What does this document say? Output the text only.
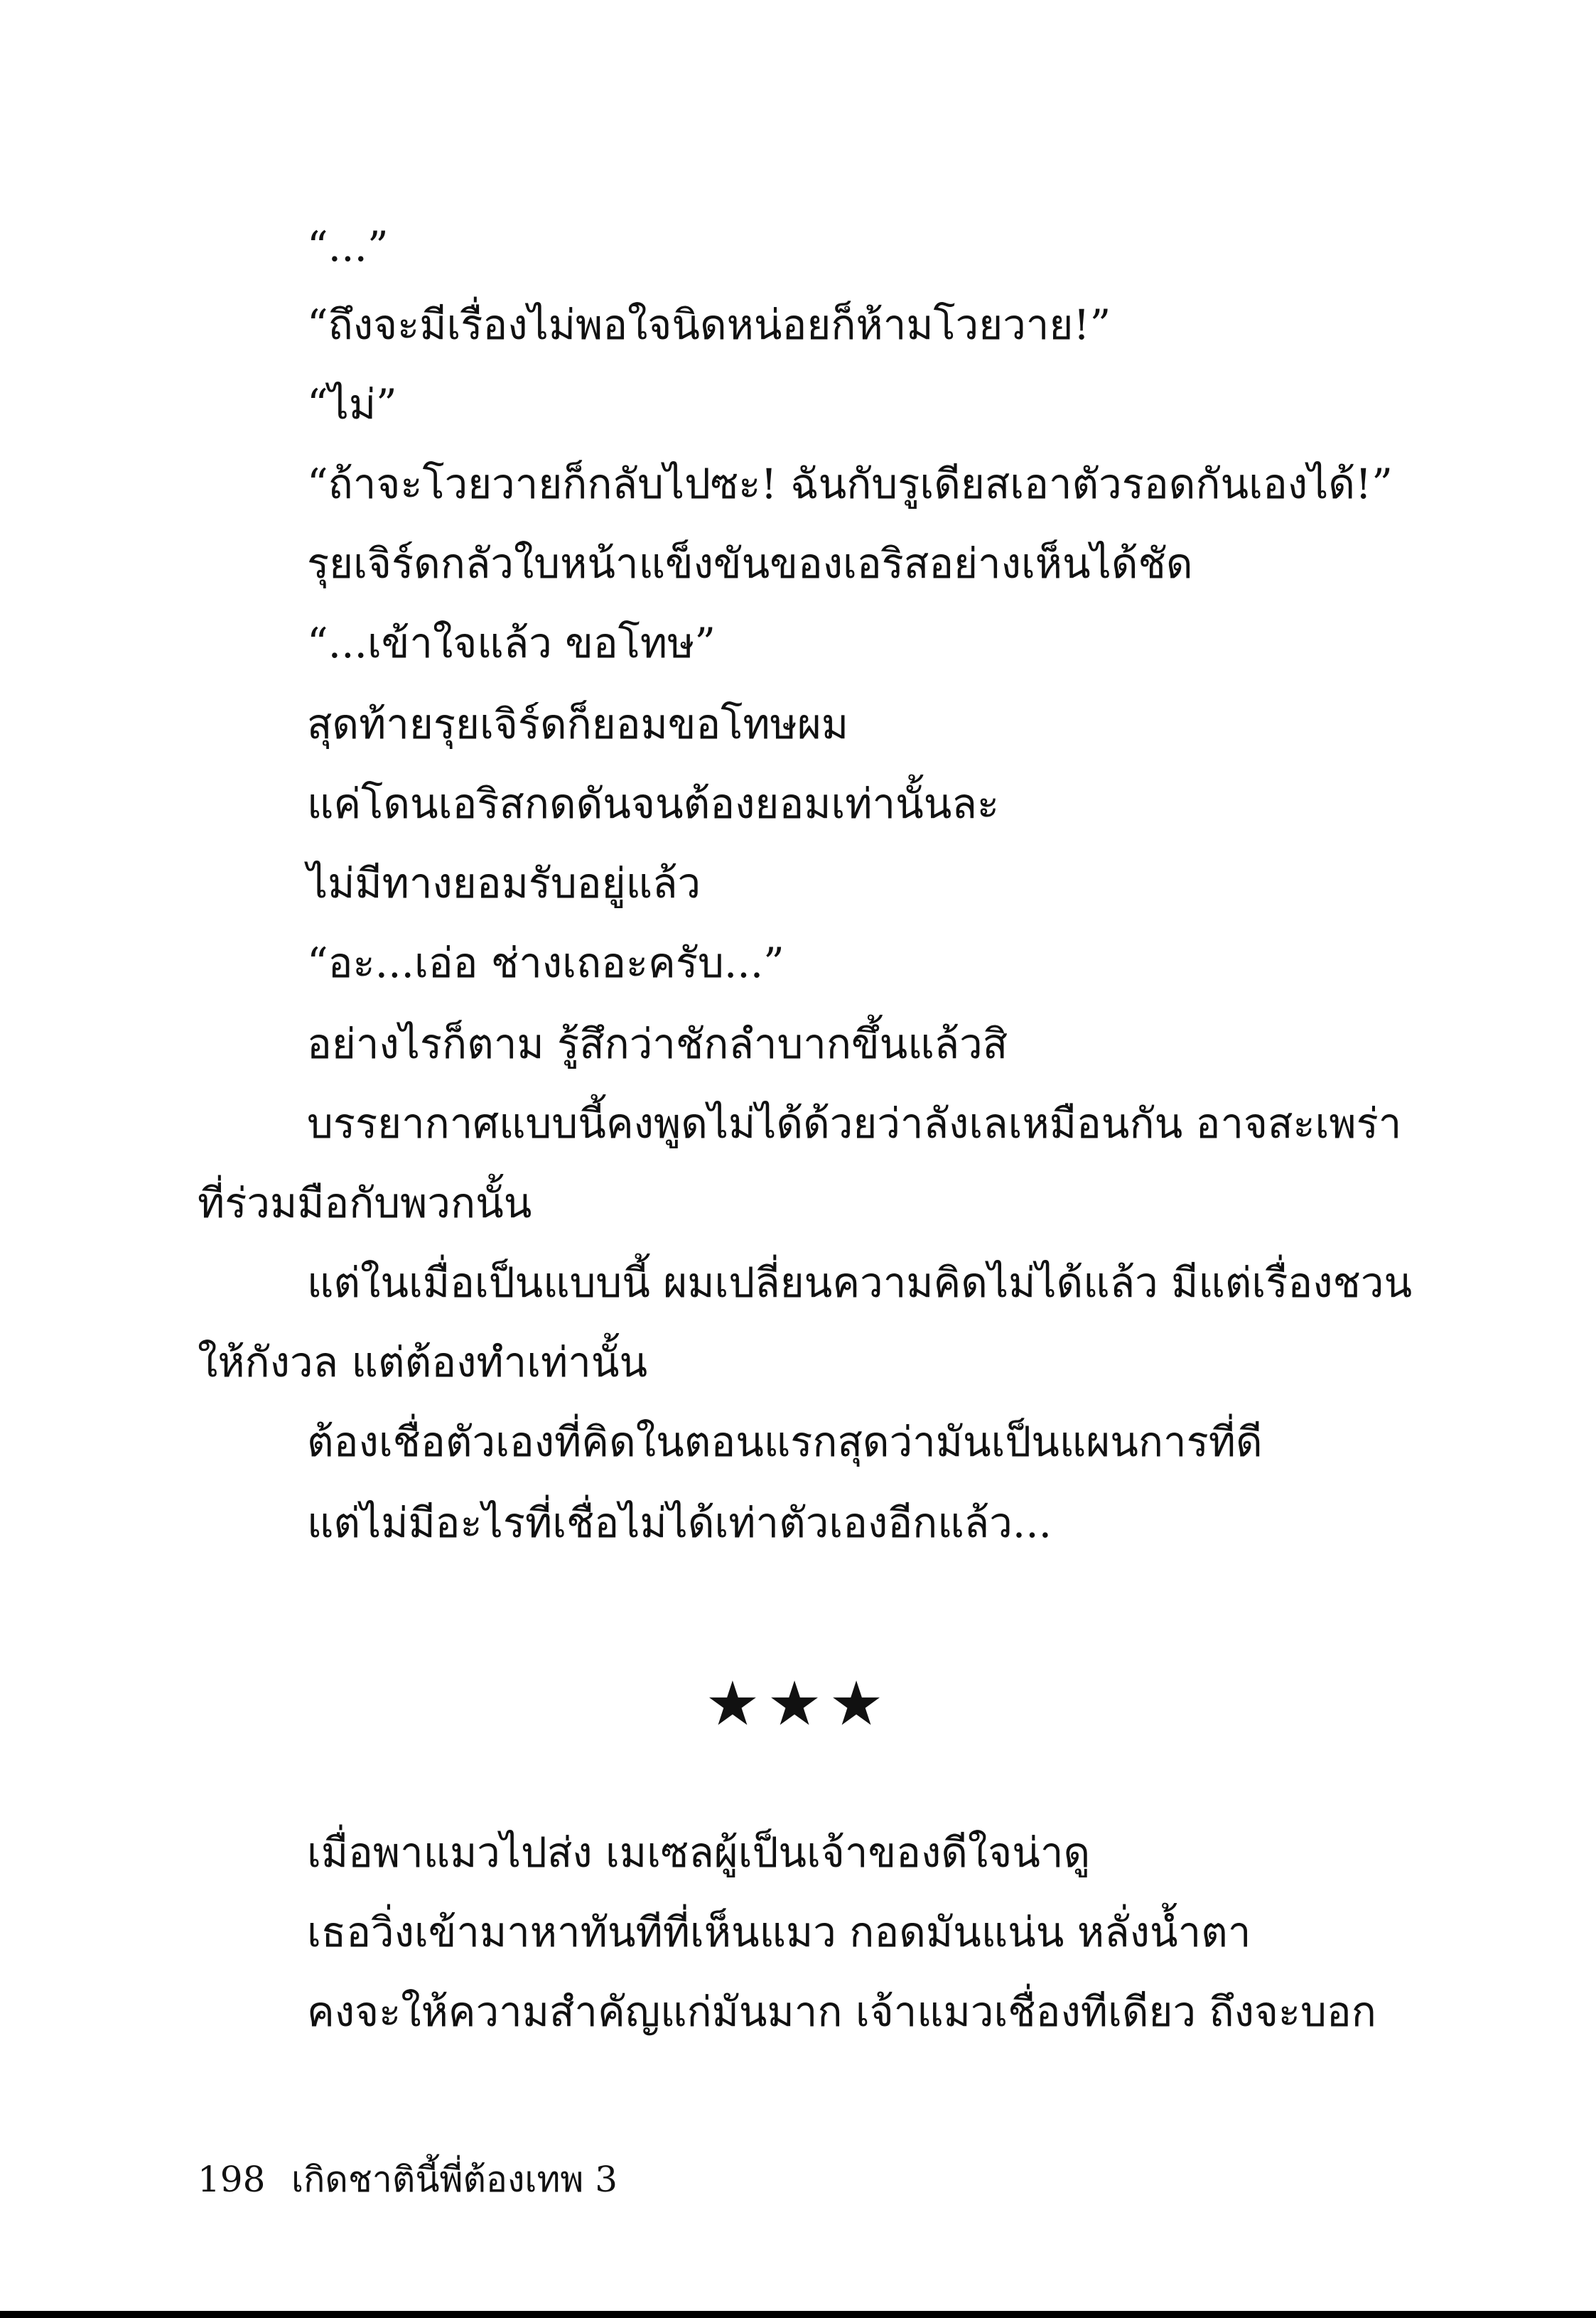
“...”
“ถึงจะมีเรื่องไม่พอใจนิดหน่อยก็ห้ามโวยวาย!”
“ไม่”
“ถ้าจะโวยวายก็กลับไปซะ! ฉันกับรูเดียสเอาตัวรอดกันเองได้!”
รุยเจิร์ดกลัวใบหน้าแข็งขันของเอริสอย่างเห็นได้ชัด
“...เข้าใจแล้ว ขอโทษ”
สุดท้ายรุยเจิร์ดก็ยอมขอโทษผม
แค่โดนเอริสกดดันจนต้องยอมเท่านั้นละ
ไม่มีทางยอมรับอยู่แล้ว
“อะ...เอ่อ ช่างเถอะครับ...”
อย่างไรก็ตาม รู้สึกว่าชักลำบากขึ้นแล้วสิ
บรรยากาศแบบนี้คงพูดไม่ได้ด้วยว่าลังเลเหมือนกัน อาจสะเพร่า
ที่ร่วมมือกับพวกนั้น
แต่ในเมื่อเป็นแบบนี้ ผมเปลี่ยนความคิดไม่ได้แล้ว มีแต่เรื่องชวน
ให้กังวล แต่ต้องทำเท่านั้น
ต้องเชื่อตัวเองที่คิดในตอนแรกสุดว่ามันเป็นแผนการที่ดี
แต่ไม่มีอะไรที่เชื่อไม่ได้เท่าตัวเองอีกแล้ว...
★★★
เมื่อพาแมวไปส่ง เมเซลผู้เป็นเจ้าของดีใจน่าดู
เธอวิ่งเข้ามาหาทันทีที่เห็นแมว กอดมันแน่น หลั่งน้ำตา
คงจะให้ความสำคัญแก่มันมาก เจ้าแมวเชื่องทีเดียว ถึงจะบอก
198 เกิดชาตินี้พี่ต้องเทพ 3
